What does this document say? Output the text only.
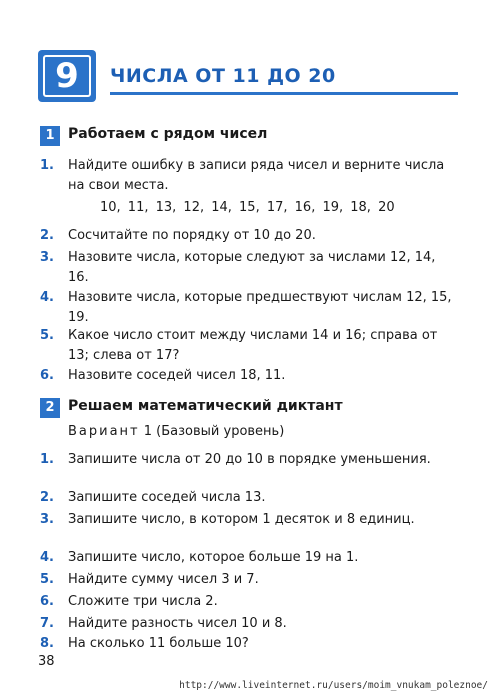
9	ЧИСЛА ОТ 11 ДО 20
1 Работаем с рядом чисел
1. Найдите ошибку в записи ряда чисел и верните числа на свои места.
10, 11, 13, 12, 14, 15, 17, 16, 19, 18, 20
2. Сосчитайте по порядку от 10 до 20.
3. Назовите числа, которые следуют за числами 12, 14, 16.
4. Назовите числа, которые предшествуют числам 12, 15, 19.
5. Какое число стоит между числами 14 и 16; справа от 13; слева от 17?
6. Назовите соседей чисел 18, 11.
2 Решаем математический диктант
Вариант 1 (Базовый уровень)
1. Запишите числа от 20 до 10 в порядке уменьшения.
2. Запишите соседей числа 13.
3. Запишите число, в котором 1 десяток и 8 единиц.
4. Запишите число, которое больше 19 на 1.
5. Найдите сумму чисел 3 и 7.
6. Сложите три числа 2.
7. Найдите разность чисел 10 и 8.
8. На сколько 11 больше 10?
38
http://www.liveinternet.ru/users/moim_vnukam_poleznoe/
